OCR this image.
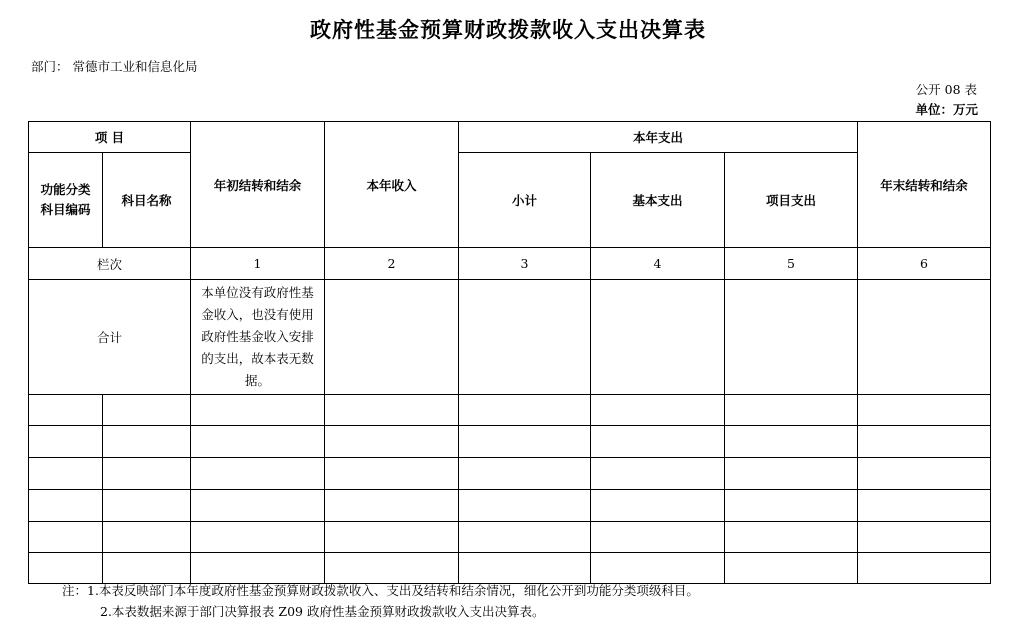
政府性基金预算财政拨款收入支出决算表
部门： 常德市工业和信息化局
公开 08 表
单位：万元
项 目		年初结转和结余	本年收入	本年支出			年末结转和结余
功能分类
科目编码	科目名称			小计	基本支出	项目支出	
栏次		1	2	3	4	5	6
合计		本单位没有政府性基金收入，也没有使用政府性基金收入安排的支出，故本表无数据。					

注：1.本表反映部门本年度政府性基金预算财政拨款收入、支出及结转和结余情况，细化公开到功能分类项级科目。
2.本表数据来源于部门决算报表 Z09 政府性基金预算财政拨款收入支出决算表。
